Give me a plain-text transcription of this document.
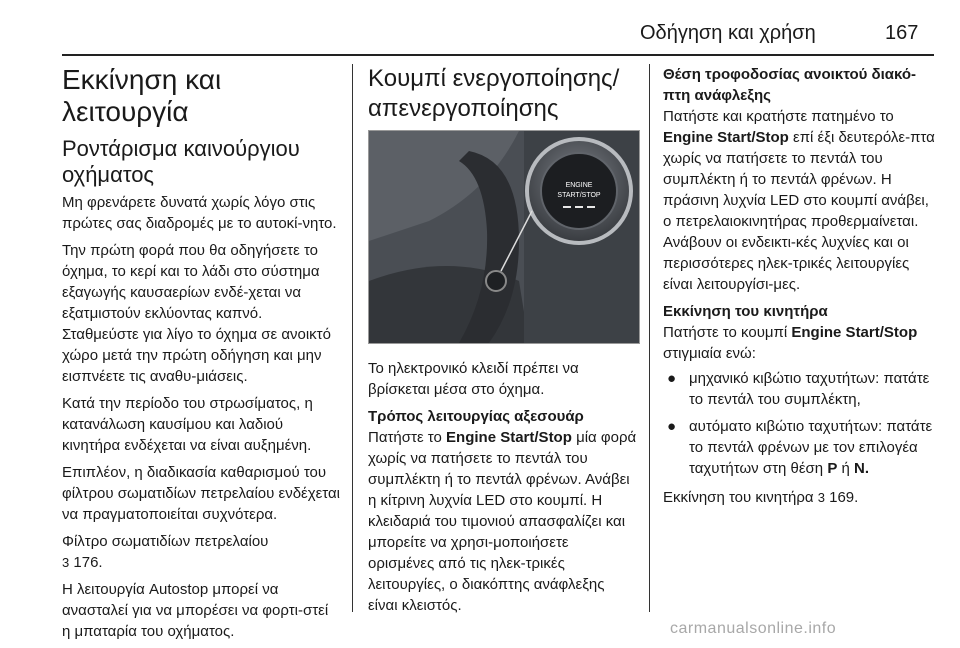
Οδήγηση και χρήση	167
Εκκίνηση και λειτουργία
Ροντάρισμα καινούργιου οχήματος

Μη φρενάρετε δυνατά χωρίς λόγο στις πρώτες σας διαδρομές με το αυτοκί‐νητο.

Την πρώτη φορά που θα οδηγήσετε το όχημα, το κερί και το λάδι στο σύστημα εξαγωγής καυσαερίων ενδέ‐χεται να εξατμιστούν εκλύοντας καπνό. Σταθμεύστε για λίγο το όχημα σε ανοικτό χώρο μετά την πρώτη οδήγηση και μην εισπνέετε τις αναθυ‐μιάσεις.

Κατά την περίοδο του στρωσίματος, η κατανάλωση καυσίμου και λαδιού κινητήρα ενδέχεται να είναι αυξημένη.

Επιπλέον, η διαδικασία καθαρισμού του φίλτρου σωματιδίων πετρελαίου ενδέχεται να πραγματοποιείται συχνότερα.

Φίλτρο σωματιδίων πετρελαίου
3 176.

Η λειτουργία Autostop μπορεί να ανασταλεί για να μπορέσει να φορτι‐στεί η μπαταρία του οχήματος.

Κουμπί ενεργοποίησης/απενεργοποίησης
ENGINE
START/STOP

Το ηλεκτρονικό κλειδί πρέπει να βρίσκεται μέσα στο όχημα.

Τρόπος λειτουργίας αξεσουάρ

Πατήστε το Engine Start/Stop μία φορά χωρίς να πατήσετε το πεντάλ του συμπλέκτη ή το πεντάλ φρένων. Ανάβει η κίτρινη λυχνία LED στο κουμπί. Η κλειδαριά του τιμονιού απασφαλίζει και μπορείτε να χρησι‐μοποιήσετε ορισμένες από τις ηλεκ‐τρικές λειτουργίες, ο διακόπτης ανάφλεξης είναι κλειστός.

Θέση τροφοδοσίας ανοικτού διακό‐πτη ανάφλεξης

Πατήστε και κρατήστε πατημένο το Engine Start/Stop επί έξι δευτερόλε‐πτα χωρίς να πατήσετε το πεντάλ του συμπλέκτη ή το πεντάλ φρένων. Η πράσινη λυχνία LED στο κουμπί ανάβει, ο πετρελαιοκινητήρας προθερμαίνεται. Ανάβουν οι ενδεικτι‐κές λυχνίες και οι περισσότερες ηλεκ‐τρικές λειτουργίες είναι λειτουργίσι‐μες.

Εκκίνηση του κινητήρα

Πατήστε το κουμπί Engine Start/Stop στιγμιαία ενώ:

● μηχανικό κιβώτιο ταχυτήτων: πατάτε το πεντάλ του συμπλέκτη,
● αυτόματο κιβώτιο ταχυτήτων: πατάτε το πεντάλ φρένων με τον επιλογέα ταχυτήτων στη θέση P ή N.

Εκκίνηση του κινητήρα 3 169.

carmanualsonline.info
